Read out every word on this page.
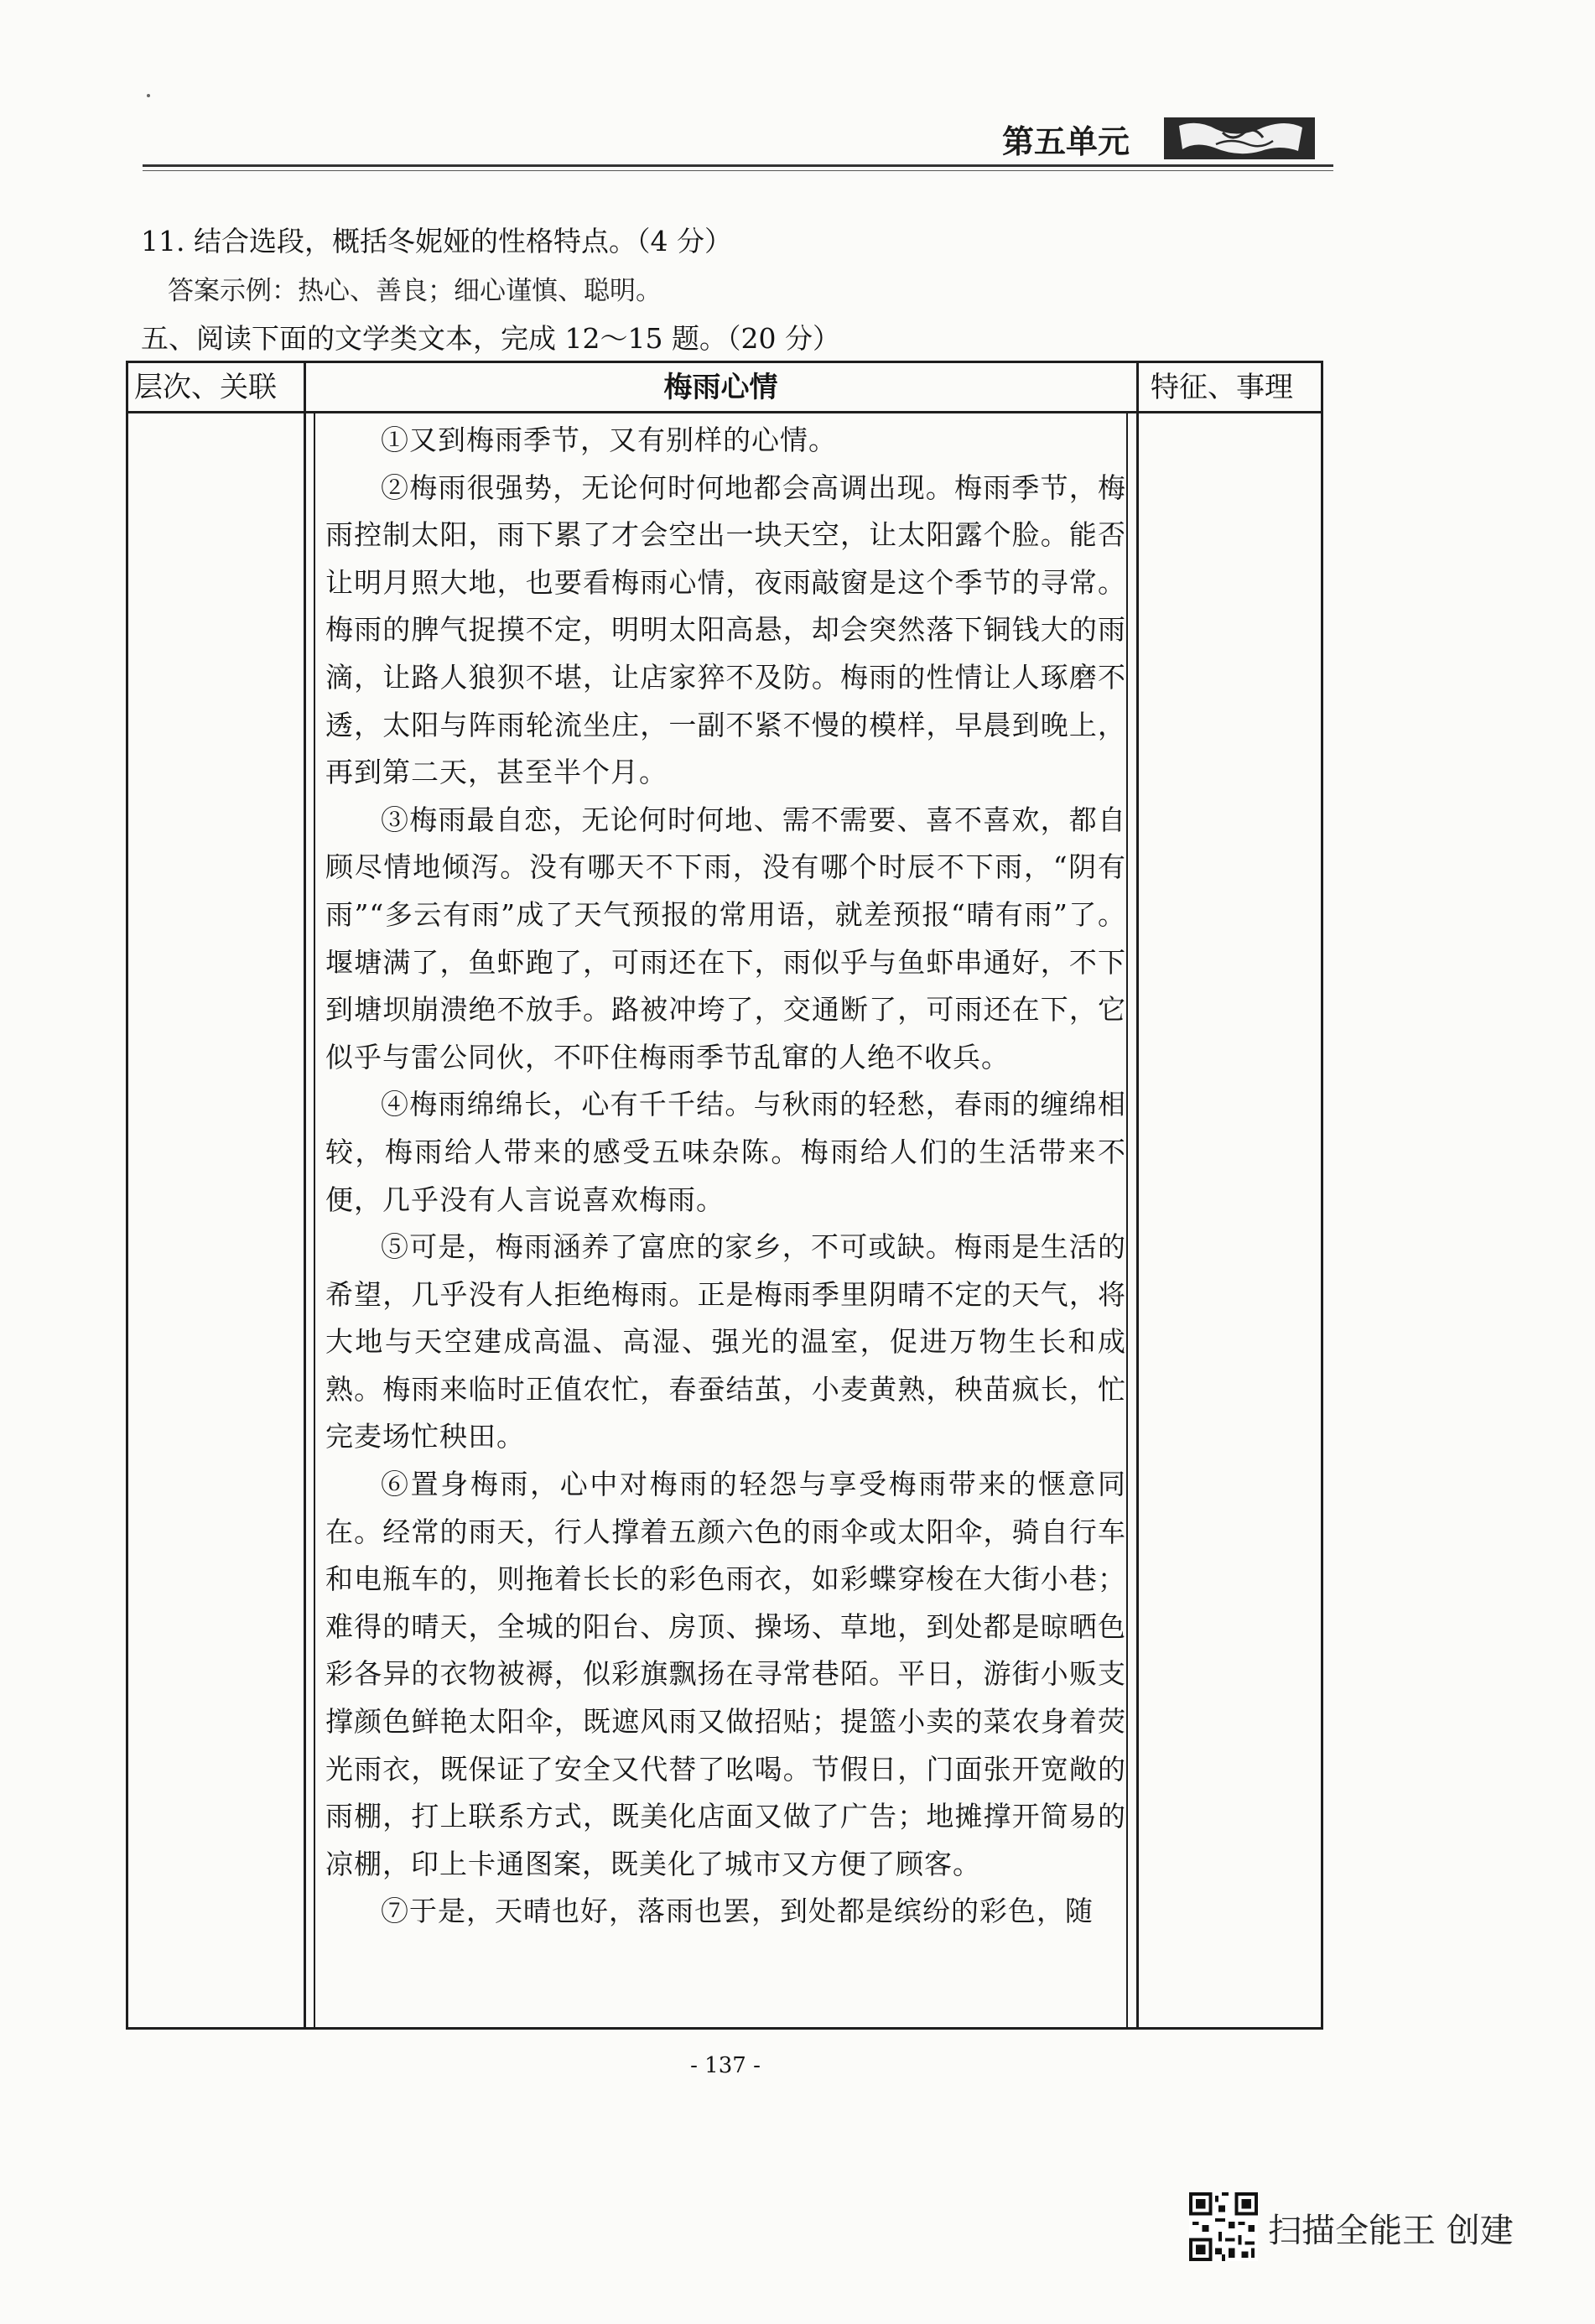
第五单元
11. 结合选段，概括冬妮娅的性格特点。（4 分）
答案示例：热心、善良；细心谨慎、聪明。
五、阅读下面的文学类文本，完成 12～15 题。（20 分）
层次、关联	梅雨心情	特征、事理

①又到梅雨季节，又有别样的心情。

②梅雨很强势，无论何时何地都会高调出现。梅雨季节，梅雨控制太阳，雨下累了才会空出一块天空，让太阳露个脸。能否让明月照大地，也要看梅雨心情，夜雨敲窗是这个季节的寻常。梅雨的脾气捉摸不定，明明太阳高悬，却会突然落下铜钱大的雨滴，让路人狼狈不堪，让店家猝不及防。梅雨的性情让人琢磨不透，太阳与阵雨轮流坐庄，一副不紧不慢的模样，早晨到晚上，再到第二天，甚至半个月。

③梅雨最自恋，无论何时何地、需不需要、喜不喜欢，都自顾尽情地倾泻。没有哪天不下雨，没有哪个时辰不下雨，“阴有雨”“多云有雨”成了天气预报的常用语，就差预报“晴有雨”了。堰塘满了，鱼虾跑了，可雨还在下，雨似乎与鱼虾串通好，不下到塘坝崩溃绝不放手。路被冲垮了，交通断了，可雨还在下，它似乎与雷公同伙，不吓住梅雨季节乱窜的人绝不收兵。

④梅雨绵绵长，心有千千结。与秋雨的轻愁，春雨的缠绵相较，梅雨给人带来的感受五味杂陈。梅雨给人们的生活带来不便，几乎没有人言说喜欢梅雨。

⑤可是，梅雨涵养了富庶的家乡，不可或缺。梅雨是生活的希望，几乎没有人拒绝梅雨。正是梅雨季里阴晴不定的天气，将大地与天空建成高温、高湿、强光的温室，促进万物生长和成熟。梅雨来临时正值农忙，春蚕结茧，小麦黄熟，秧苗疯长，忙完麦场忙秧田。

⑥置身梅雨，心中对梅雨的轻怨与享受梅雨带来的惬意同在。经常的雨天，行人撑着五颜六色的雨伞或太阳伞，骑自行车和电瓶车的，则拖着长长的彩色雨衣，如彩蝶穿梭在大街小巷；难得的晴天，全城的阳台、房顶、操场、草地，到处都是晾晒色彩各异的衣物被褥，似彩旗飘扬在寻常巷陌。平日，游街小贩支撑颜色鲜艳太阳伞，既遮风雨又做招贴；提篮小卖的菜农身着荧光雨衣，既保证了安全又代替了吆喝。节假日，门面张开宽敞的雨棚，打上联系方式，既美化店面又做了广告；地摊撑开简易的凉棚，印上卡通图案，既美化了城市又方便了顾客。

⑦于是，天晴也好，落雨也罢，到处都是缤纷的彩色，随

- 137 -
扫描全能王 创建
